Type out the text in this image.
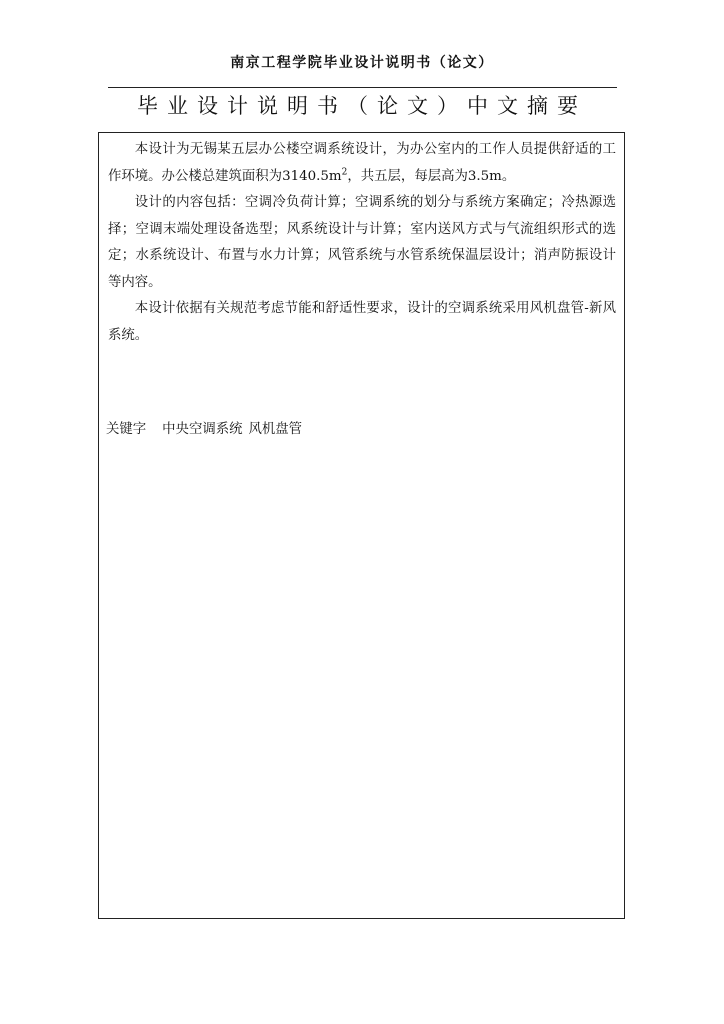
南京工程学院毕业设计说明书（论文）
毕业设计说明书（论文）中文摘要

本设计为无锡某五层办公楼空调系统设计，为办公室内的工作人员提供舒适的工作环境。办公楼总建筑面积为$3140.5m^2$，共五层，每层高为3.5m。

设计的内容包括：空调冷负荷计算；空调系统的划分与系统方案确定；冷热源选择；空调末端处理设备选型；风系统设计与计算；室内送风方式与气流组织形式的选定；水系统设计、布置与水力计算；风管系统与水管系统保温层设计；消声防振设计等内容。

本设计依据有关规范考虑节能和舒适性要求，设计的空调系统采用风机盘管-新风系统。

关键字 中央空调系统 风机盘管
